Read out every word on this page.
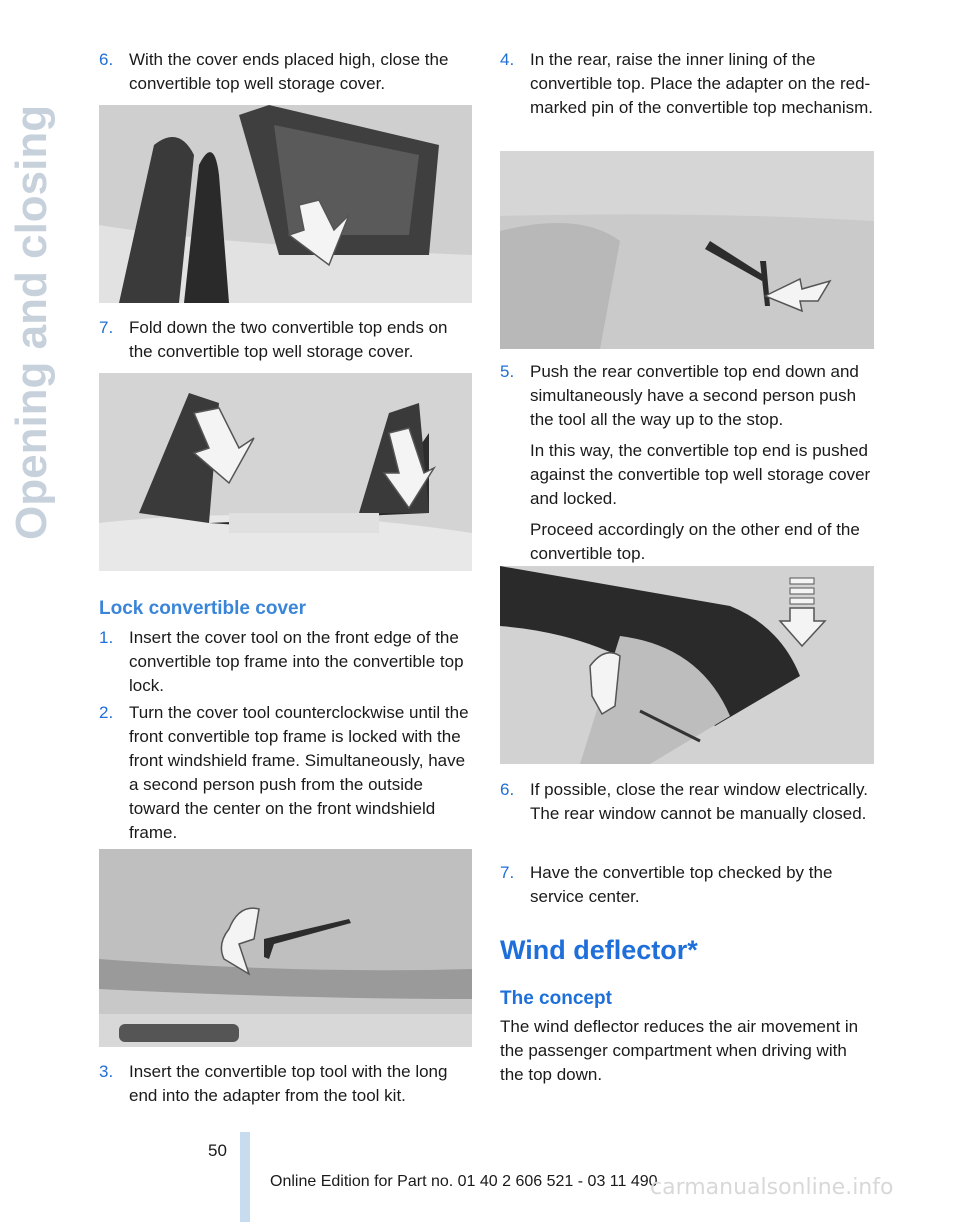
Opening and closing
6. With the cover ends placed high, close the convertible top well storage cover.
7. Fold down the two convertible top ends on the convertible top well storage cover.
Lock convertible cover
1. Insert the cover tool on the front edge of the convertible top frame into the convertible top lock.
2. Turn the cover tool counterclockwise until the front convertible top frame is locked with the front windshield frame. Simultaneously, have a second person push from the outside toward the center on the front windshield frame.
3. Insert the convertible top tool with the long end into the adapter from the tool kit.
4. In the rear, raise the inner lining of the convertible top. Place the adapter on the red-marked pin of the convertible top mechanism.
5. Push the rear convertible top end down and simultaneously have a second person push the tool all the way up to the stop.
In this way, the convertible top end is pushed against the convertible top well storage cover and locked.
Proceed accordingly on the other end of the convertible top.
6. If possible, close the rear window electrically. The rear window cannot be manually closed.
7. Have the convertible top checked by the service center.
Wind deflector*
The concept

The wind deflector reduces the air movement in the passenger compartment when driving with the top down.

50
Online Edition for Part no. 01 40 2 606 521 - 03 11 490
carmanualsonline.info
